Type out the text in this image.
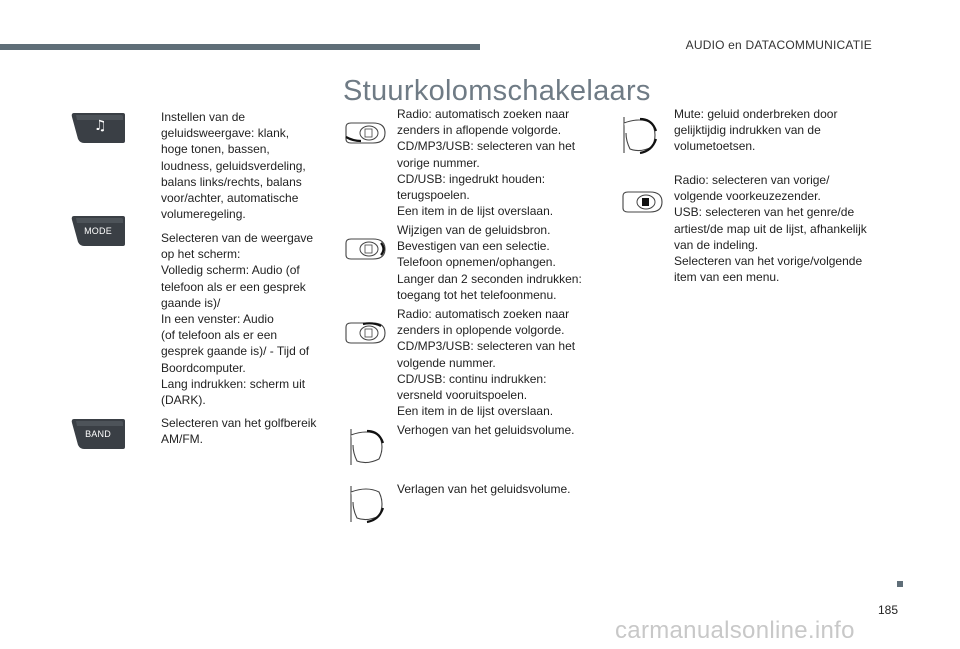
AUDIO en DATACOMMUNICATIE
Stuurkolomschakelaars
♫
MODE
BAND
Instellen van de
geluidsweergave: klank,
hoge tonen, bassen,
loudness, geluidsverdeling,
balans links/rechts, balans
voor/achter, automatische
volumeregeling.
Selecteren van de weergave
op het scherm:
Volledig scherm: Audio (of
telefoon als er een gesprek
gaande is)/
In een venster: Audio
(of telefoon als er een
gesprek gaande is)/ - Tijd of
Boordcomputer.
Lang indrukken: scherm uit
(DARK).
Selecteren van het golfbereik
AM/FM.
Radio: automatisch zoeken naar
zenders in aflopende volgorde.
CD/MP3/USB: selecteren van het
vorige nummer.
CD/USB: ingedrukt houden:
terugspoelen.
Een item in de lijst overslaan.
Wijzigen van de geluidsbron.
Bevestigen van een selectie.
Telefoon opnemen/ophangen.
Langer dan 2 seconden indrukken:
toegang tot het telefoonmenu.
Radio: automatisch zoeken naar
zenders in oplopende volgorde.
CD/MP3/USB: selecteren van het
volgende nummer.
CD/USB: continu indrukken:
versneld vooruitspoelen.
Een item in de lijst overslaan.
Verhogen van het geluidsvolume.
Verlagen van het geluidsvolume.
Mute: geluid onderbreken door
gelijktijdig indrukken van de
volumetoetsen.
Radio: selecteren van vorige/
volgende voorkeuzezender.
USB: selecteren van het genre/de
artiest/de map uit de lijst, afhankelijk
van de indeling.
Selecteren van het vorige/volgende
item van een menu.
185
carmanualsonline.info
